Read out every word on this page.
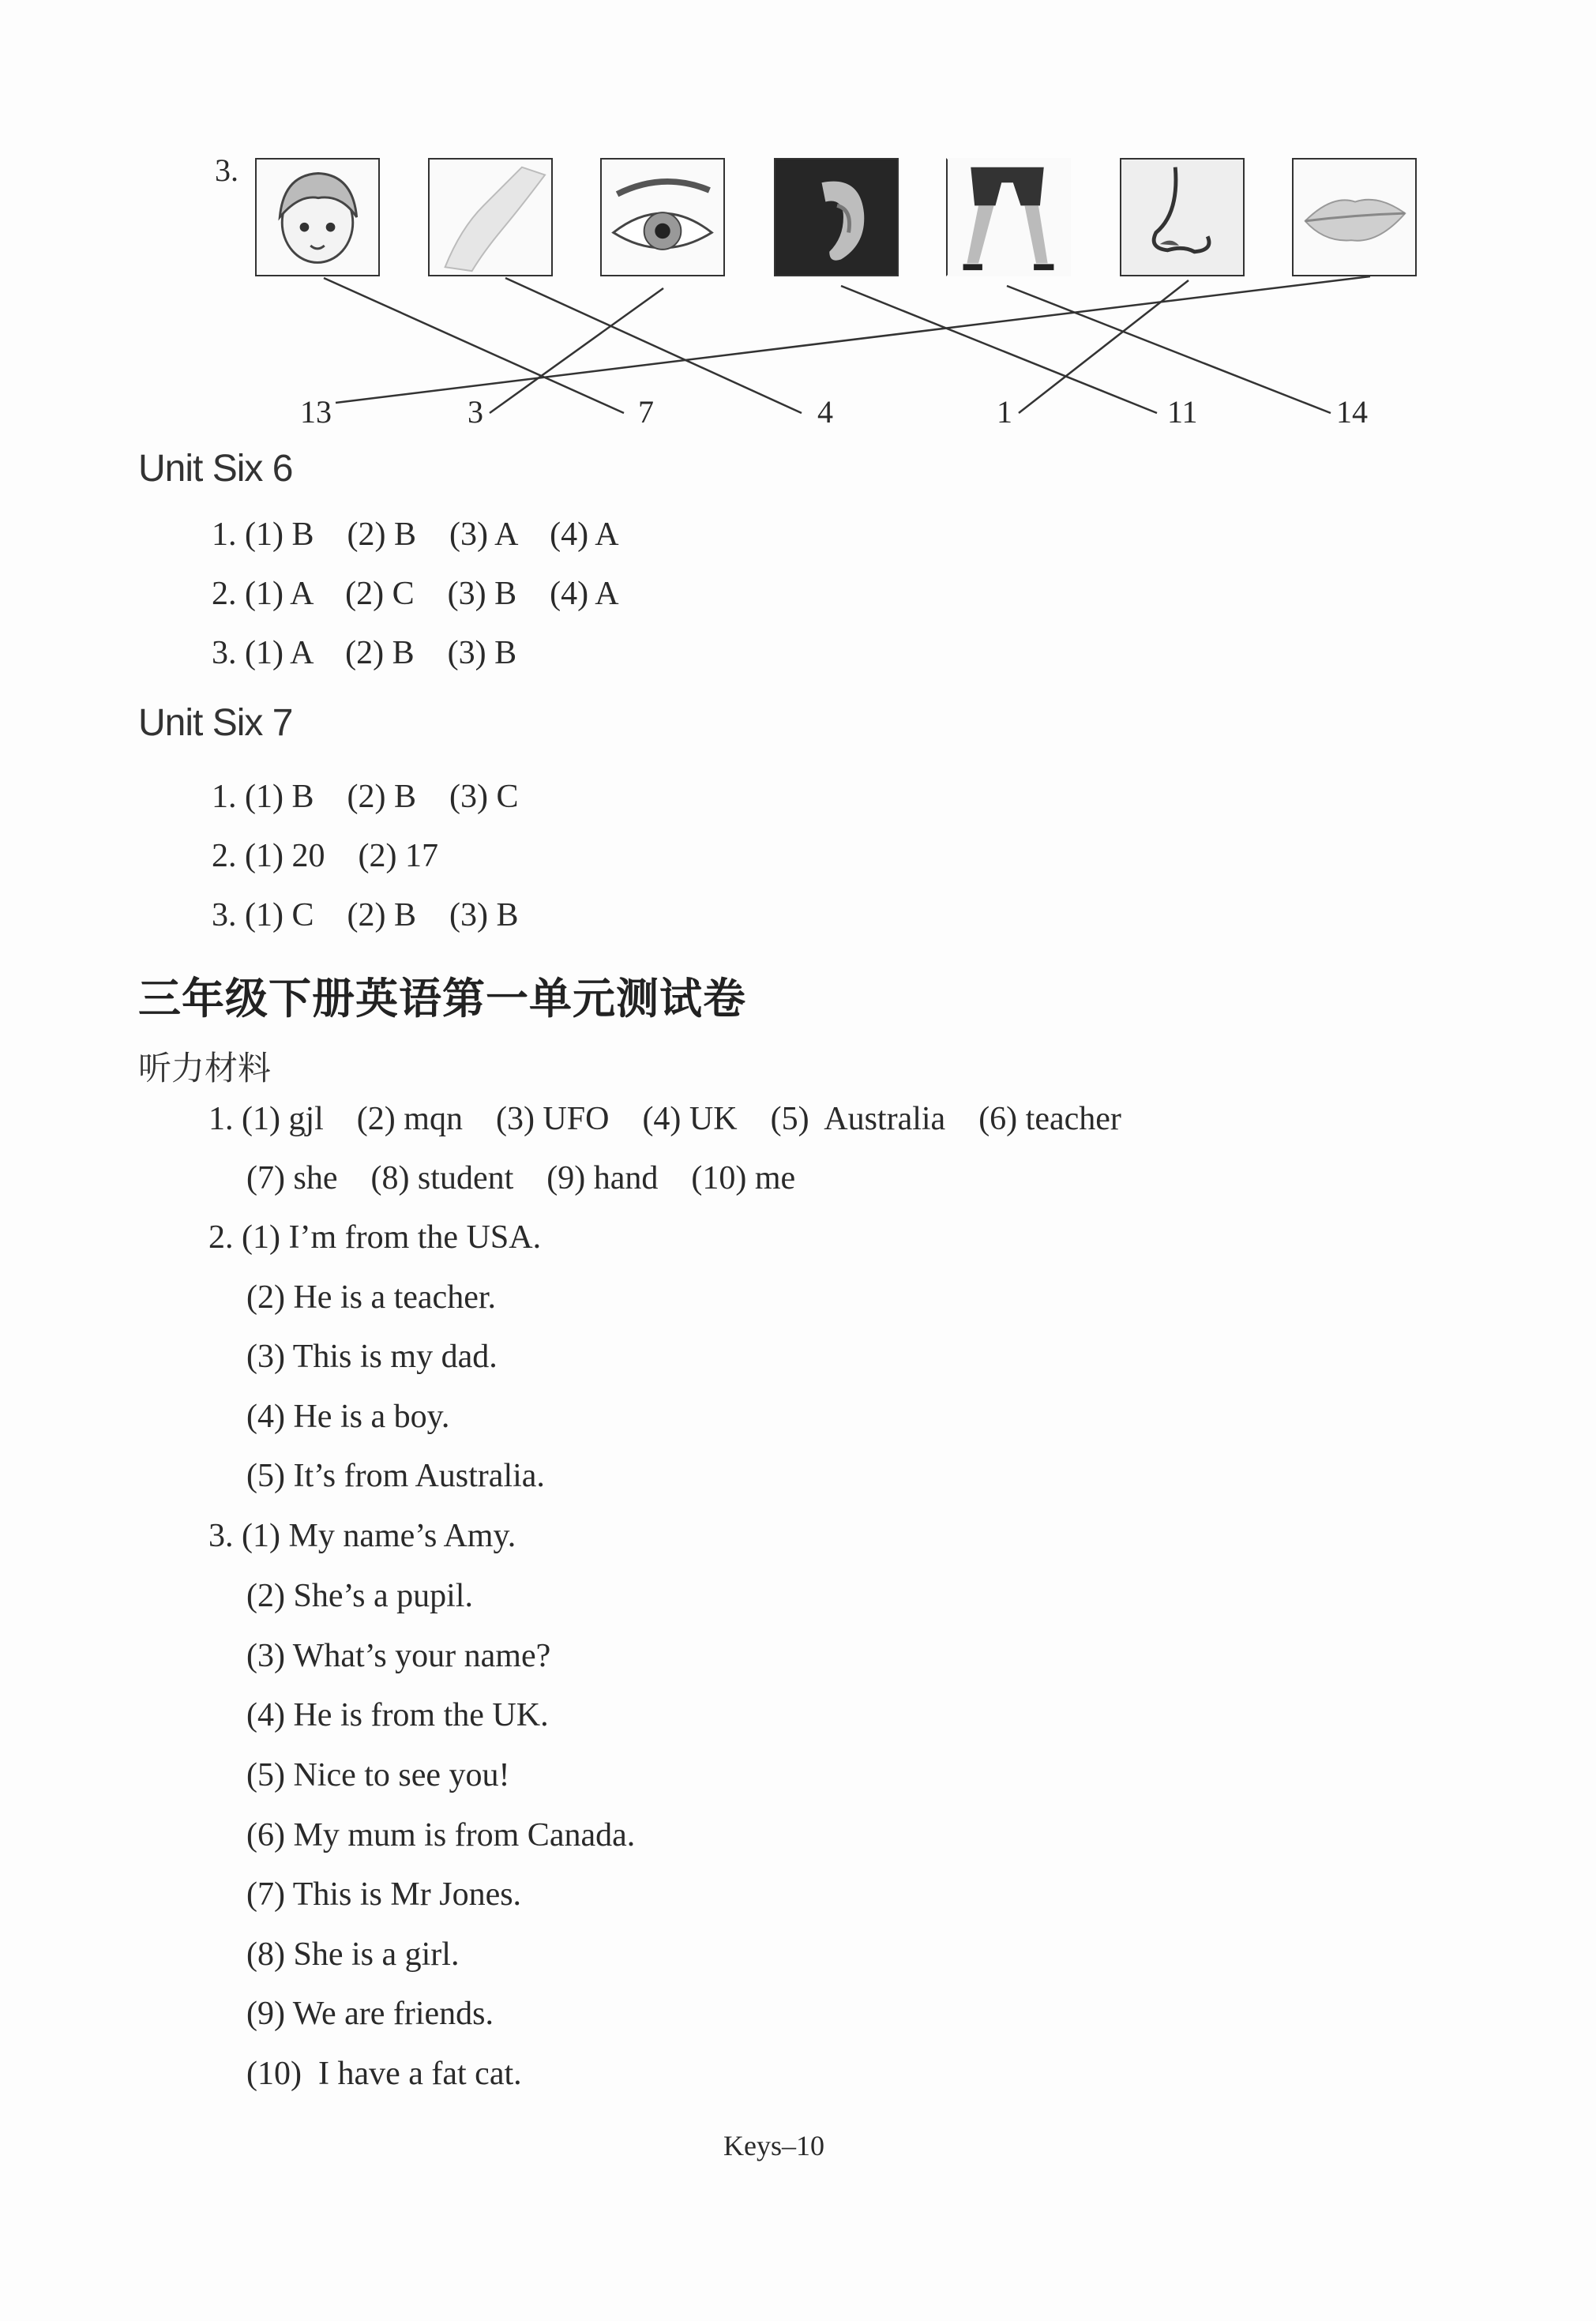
3.
13	3	7	4	1	11	14
Unit Six 6
1. (1) B    (2) B    (3) A    (4) A
2. (1) A    (2) C    (3) B    (4) A
3. (1) A    (2) B    (3) B
Unit Six 7
1. (1) B    (2) B    (3) C
2. (1) 20    (2) 17
3. (1) C    (2) B    (3) B
三年级下册英语第一单元测试卷
听力材料
1. (1) gjl    (2) mqn    (3) UFO    (4) UK    (5)  Australia    (6) teacher
(7) she    (8) student    (9) hand    (10) me
2. (1) I’m from the USA.
(2) He is a teacher.
(3) This is my dad.
(4) He is a boy.
(5) It’s from Australia.
3. (1) My name’s Amy.
(2) She’s a pupil.
(3) What’s your name?
(4) He is from the UK.
(5) Nice to see you!
(6) My mum is from Canada.
(7) This is Mr Jones.
(8) She is a girl.
(9) We are friends.
(10)  I have a fat cat.
Keys–10
